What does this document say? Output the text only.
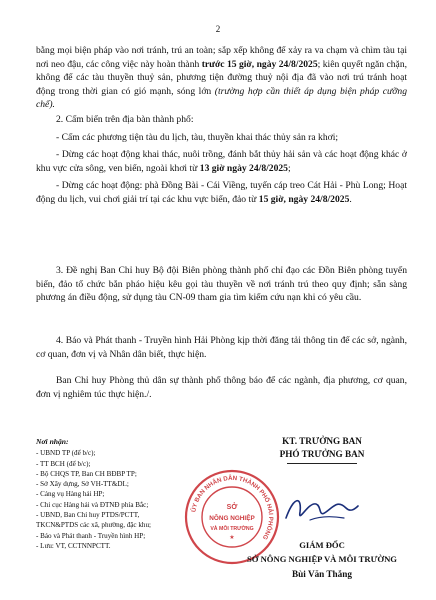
2

bằng mọi biện pháp vào nơi tránh, trú an toàn; sắp xếp không để xảy ra va chạm và chìm tàu tại nơi neo đậu, các công việc này hoàn thành trước 15 giờ, ngày 24/8/2025; kiên quyết ngăn chặn, không để các tàu thuyền thuỷ sản, phương tiện đường thuỷ nội địa đã vào nơi trú tránh hoạt động trong thời gian có gió mạnh, sóng lớn (trường hợp cần thiết áp dụng biện pháp cưỡng chế).

2. Cấm biển trên địa bàn thành phố:

- Cấm các phương tiện tàu du lịch, tàu, thuyền khai thác thủy sản ra khơi;

- Dừng các hoạt động khai thác, nuôi trồng, đánh bắt thủy hải sản và các hoạt động khác ở khu vực cửa sông, ven biển, ngoài khơi từ 13 giờ ngày 24/8/2025;

- Dừng các hoạt động: phà Đồng Bài - Cái Viềng, tuyến cáp treo Cát Hải - Phù Long; Hoạt động du lịch, vui chơi giải trí tại các khu vực biển, đảo từ 15 giờ, ngày 24/8/2025.

3. Đề nghị Ban Chỉ huy Bộ đội Biên phòng thành phố chỉ đạo các Đồn Biên phòng tuyến biển, đảo tổ chức bắn pháo hiệu kêu gọi tàu thuyền về nơi tránh trú theo quy định; sẵn sàng phương án điều động, sử dụng tàu CN-09 tham gia tìm kiếm cứu nạn khi có yêu cầu.

4. Báo và Phát thanh - Truyền hình Hải Phòng kịp thời đăng tải thông tin để các sở, ngành, cơ quan, đơn vị và Nhân dân biết, thực hiện.

Ban Chỉ huy Phòng thủ dân sự thành phố thông báo để các ngành, địa phương, cơ quan, đơn vị nghiêm túc thực hiện./.

Nơi nhận:
- UBND TP (để b/c);
- TT BCH (để b/c);
- Bộ CHQS TP, Ban CH BĐBP TP;
- Sở Xây dựng, Sở VH-TT&DL;
- Cảng vụ Hàng hải HP;
- Chi cục Hàng hải và ĐTNĐ phía Bắc;
- UBND, Ban Chỉ huy PTDS/PCTT,
TKCN&PTDS các xã, phường, đặc khu;
- Báo và Phát thanh - Truyền hình HP;
- Lưu: VT, CCTNNPCTT.
KT. TRƯỞNG BAN
PHÓ TRƯỞNG BAN
ỦY BAN NHÂN DÂN THÀNH PHỐ HẢI PHÒNG
SỞ
NÔNG NGHIỆP
VÀ MÔI TRƯỜNG
★
GIÁM ĐỐC
SỞ NÔNG NGHIỆP VÀ MÔI TRƯỜNG
Bùi Văn Thắng
